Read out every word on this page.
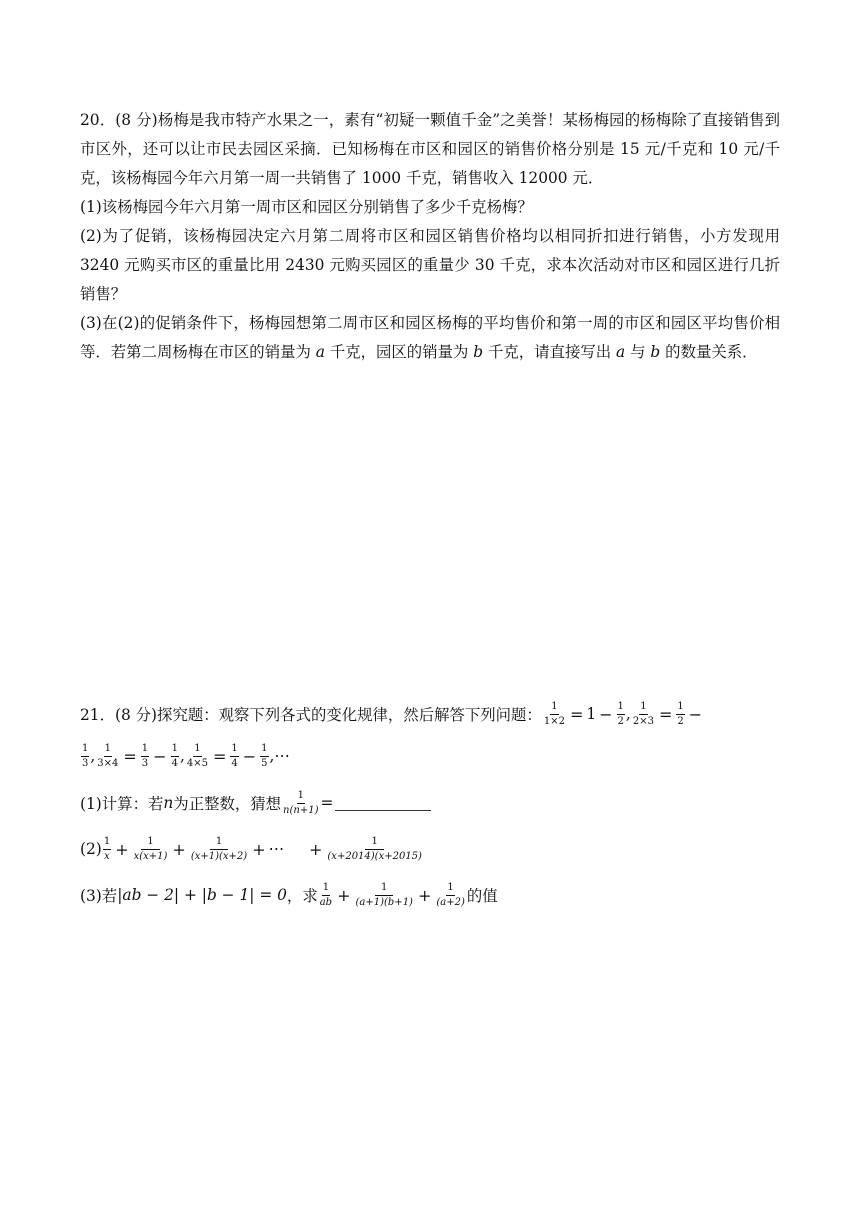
20．(8 分)杨梅是我市特产水果之一，素有“初疑一颗值千金”之美誉！某杨梅园的杨梅除了直接销售到市区外，还可以让市民去园区采摘．已知杨梅在市区和园区的销售价格分别是 15 元/千克和 10 元/千克，该杨梅园今年六月第一周一共销售了 1000 千克，销售收入 12000 元．

(1)该杨梅园今年六月第一周市区和园区分别销售了多少千克杨梅？

(2)为了促销，该杨梅园决定六月第二周将市区和园区销售价格均以相同折扣进行销售，小方发现用 3240 元购买市区的重量比用 2430 元购买园区的重量少 30 千克，求本次活动对市区和园区进行几折销售？

(3)在(2)的促销条件下，杨梅园想第二周市区和园区杨梅的平均售价和第一周的市区和园区平均售价相等．若第二周杨梅在市区的销量为 a 千克，园区的销量为 b 千克，请直接写出 a 与 b 的数量关系．

21．(8 分)探究题：观察下列各式的变化规律，然后解答下列问题： $\frac{1}{1\times 2} = 1 - \frac{1}{2}$ , $\frac{1}{2\times 3} = \frac{1}{2}$ −
$\frac{1}{3}$ , $\frac{1}{3\times 4} = \frac{1}{3} - \frac{1}{4}$ , $\frac{1}{4\times 5} = \frac{1}{4} - \frac{1}{5}$ ,⋯
(1)计算：若 n 为正整数，猜想 $\frac{1}{n(n+1)}$ =
$(2) \frac{1}{x} + \frac{1}{x(x+1)} + \frac{1}{(x+1)(x+2)}$ + ⋯ + $\frac{1}{(x+2014)(x+2015)}$
(3)若 |ab − 2| + |b − 1| = 0 ，求 $\frac{1}{ab} + \frac{1}{(a+1)(b+1)} + \frac{1}{(a+2)}$ 的值
